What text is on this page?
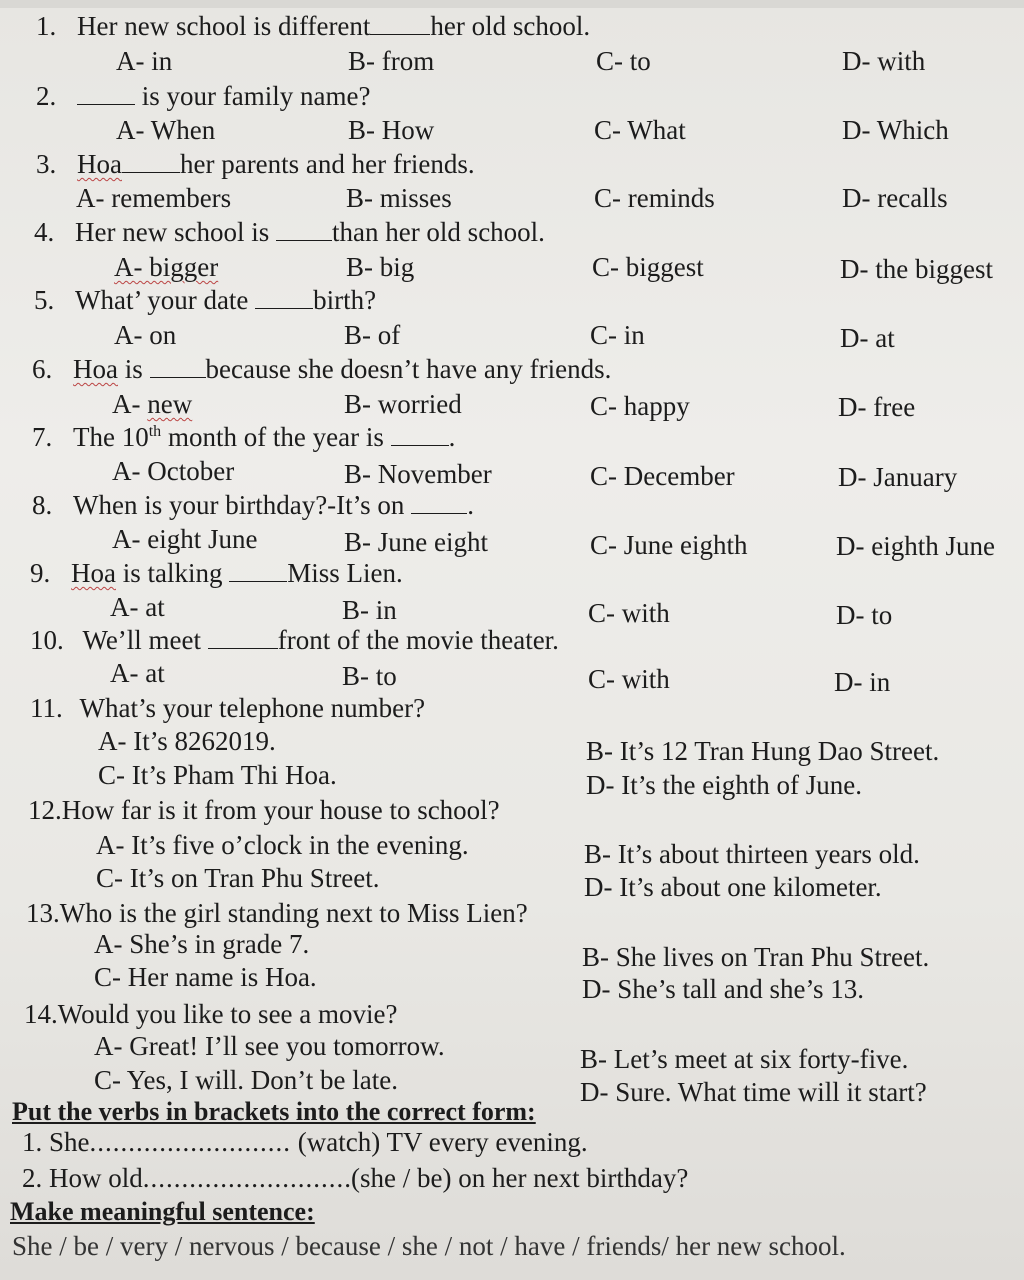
1. Her new school is different her old school.
A- in	B- from	C- to	D- with
2.	is your family name?
A- When	B- How	C- What	D- Which
3. Hoa her parents and her friends.
A- remembers	B- misses	C- reminds	D- recalls
4. Her new school is than her old school.
A- bigger	B- big	C- biggest	D- the biggest
5. What’ your date birth?
A- on	B- of	C- in	D- at
6. Hoa is because she doesn’t have any friends.
A- new	B- worried	C- happy	D- free
7. The 10th month of the year is .
A- October	B- November	C- December	D- January
8. When is your birthday?-It’s on .
A- eight June	B- June eight	C- June eighth	D- eighth June
9. Hoa is talking Miss Lien.
A- at	B- in	C- with	D- to
10. We’ll meet	front of the movie theater.
A- at	B- to	C- with	D- in
11. What’s your telephone number?
A- It’s 8262019.	B- It’s 12 Tran Hung Dao Street.
C- It’s Pham Thi Hoa.	D- It’s the eighth of June.
12.How far is it from your house to school?
A- It’s five o’clock in the evening.	B- It’s about thirteen years old.
C- It’s on Tran Phu Street.	D- It’s about one kilometer.
13.Who is the girl standing next to Miss Lien?
A- She’s in grade 7.	B- She lives on Tran Phu Street.
C- Her name is Hoa.	D- She’s tall and she’s 13.
14.Would you like to see a movie?
A- Great! I’ll see you tomorrow.	B- Let’s meet at six forty-five.
C- Yes, I will. Don’t be late.	D- Sure. What time will it start?
Put the verbs in brackets into the correct form:
1. She.......................... (watch) TV every evening.
2. How old...........................(she / be) on her next birthday?
Make meaningful sentence:
She / be / very / nervous / because / she / not / have / friends/ her new school.
